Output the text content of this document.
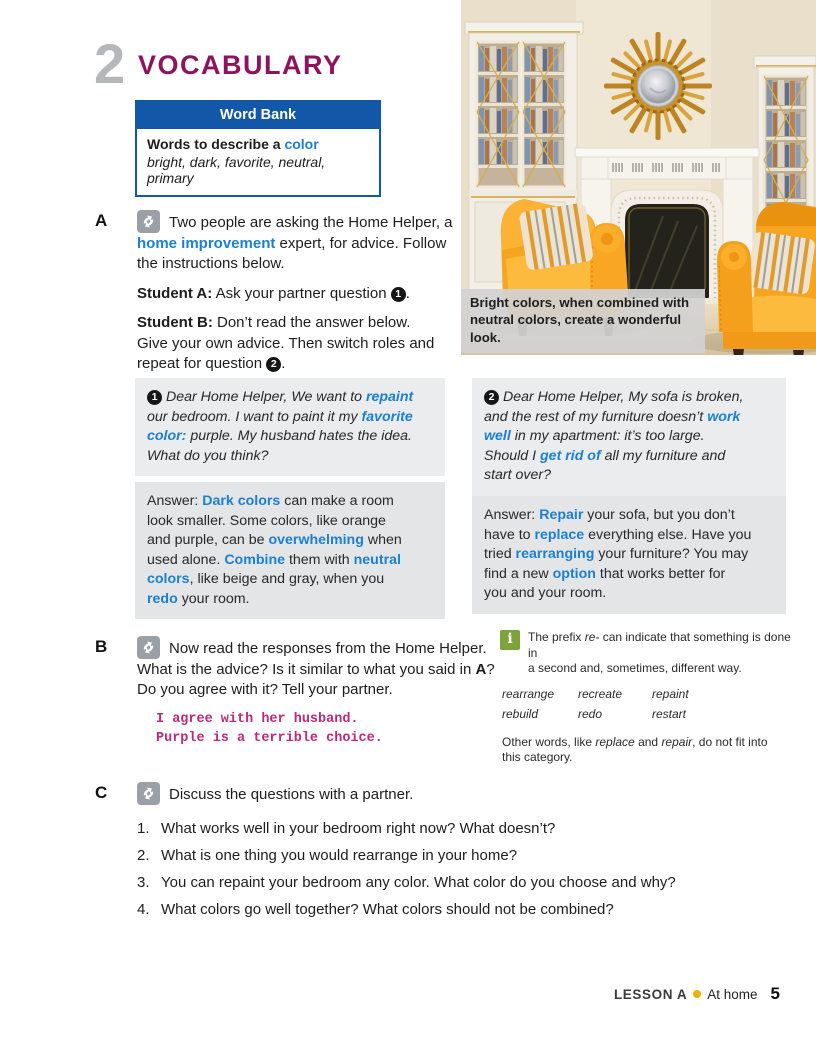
2 VOCABULARY
Word Bank

Words to describe a color

bright, dark, favorite, neutral, primary

Bright colors, when combined with
neutral colors, create a wonderful look.
A	Two people are asking the Home Helper, a
home improvement expert, for advice. Follow
the instructions below.

Student A: Ask your partner question 1 .

Student B: Don’t read the answer below.
Give your own advice. Then switch roles and
repeat for question 2 .

1 Dear Home Helper, We want to repaint
our bedroom. I want to paint it my favorite
color: purple. My husband hates the idea.
What do you think?
Answer: Dark colors can make a room
look smaller. Some colors, like orange
and purple, can be overwhelming when
used alone. Combine them with neutral
colors, like beige and gray, when you
redo your room.
2 Dear Home Helper, My sofa is broken,
and the rest of my furniture doesn’t work
well in my apartment: it’s too large.
Should I get rid of all my furniture and
start over?
Answer: Repair your sofa, but you don’t
have to replace everything else. Have you
tried rearranging your furniture? You may
find a new option that works better for
you and your room.
B	Now read the responses from the Home Helper.
What is the advice? Is it similar to what you said in A?
Do you agree with it? Tell your partner.

I agree with her husband.
Purple is a terrible choice.
i	The prefix re- can indicate that something is done in
a second and, sometimes, different way.

rearrange	recreate	repaint
rebuild	redo	restart

Other words, like replace and repair, do not fit into
this category.

C	Discuss the questions with a partner.

1. What works well in your bedroom right now? What doesn’t?
2. What is one thing you would rearrange in your home?
3. You can repaint your bedroom any color. What color do you choose and why?
4. What colors go well together? What colors should not be combined?
LESSON A At home 5
